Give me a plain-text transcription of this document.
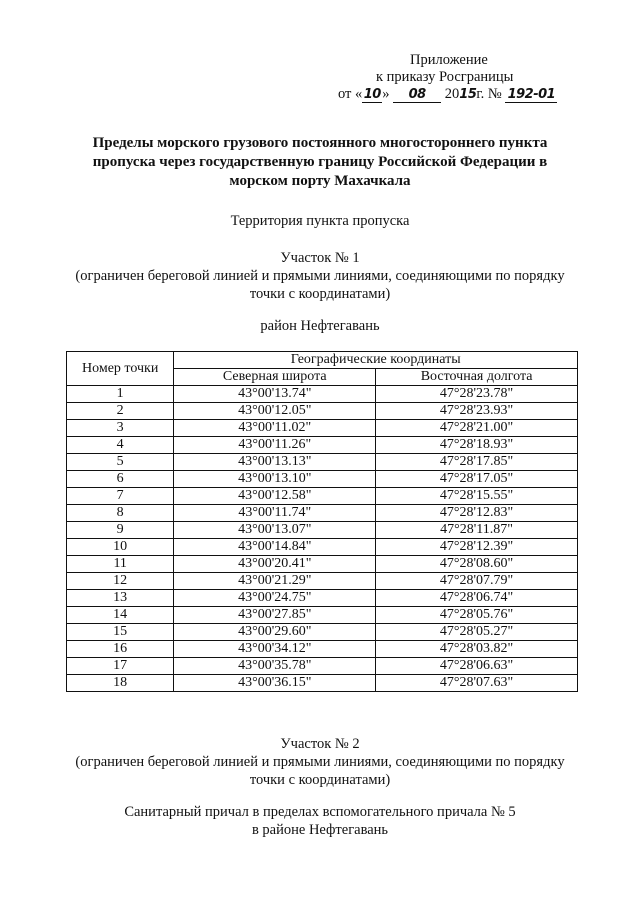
Приложение
к приказу Росграницы
от «10» 08 2015г. № 192-01
Пределы морского грузового постоянного многостороннего пункта
пропуска через государственную границу Российской Федерации в
морском порту Махачкала
Территория пункта пропуска
Участок № 1
(ограничен береговой линией и прямыми линиями, соединяющими по порядку
точки с координатами)
район Нефтегавань
Номер точки	Географические координаты	
	Северная широта	Восточная долгота
1	43°00'13.74"	47°28'23.78"
2	43°00'12.05"	47°28'23.93"
3	43°00'11.02"	47°28'21.00"
4	43°00'11.26"	47°28'18.93"
5	43°00'13.13"	47°28'17.85"
6	43°00'13.10"	47°28'17.05"
7	43°00'12.58"	47°28'15.55"
8	43°00'11.74"	47°28'12.83"
9	43°00'13.07"	47°28'11.87"
10	43°00'14.84"	47°28'12.39"
11	43°00'20.41"	47°28'08.60"
12	43°00'21.29"	47°28'07.79"
13	43°00'24.75"	47°28'06.74"
14	43°00'27.85"	47°28'05.76"
15	43°00'29.60"	47°28'05.27"
16	43°00'34.12"	47°28'03.82"
17	43°00'35.78"	47°28'06.63"
18	43°00'36.15"	47°28'07.63"
Участок № 2
(ограничен береговой линией и прямыми линиями, соединяющими по порядку
точки с координатами)
Санитарный причал в пределах вспомогательного причала № 5
в районе Нефтегавань
